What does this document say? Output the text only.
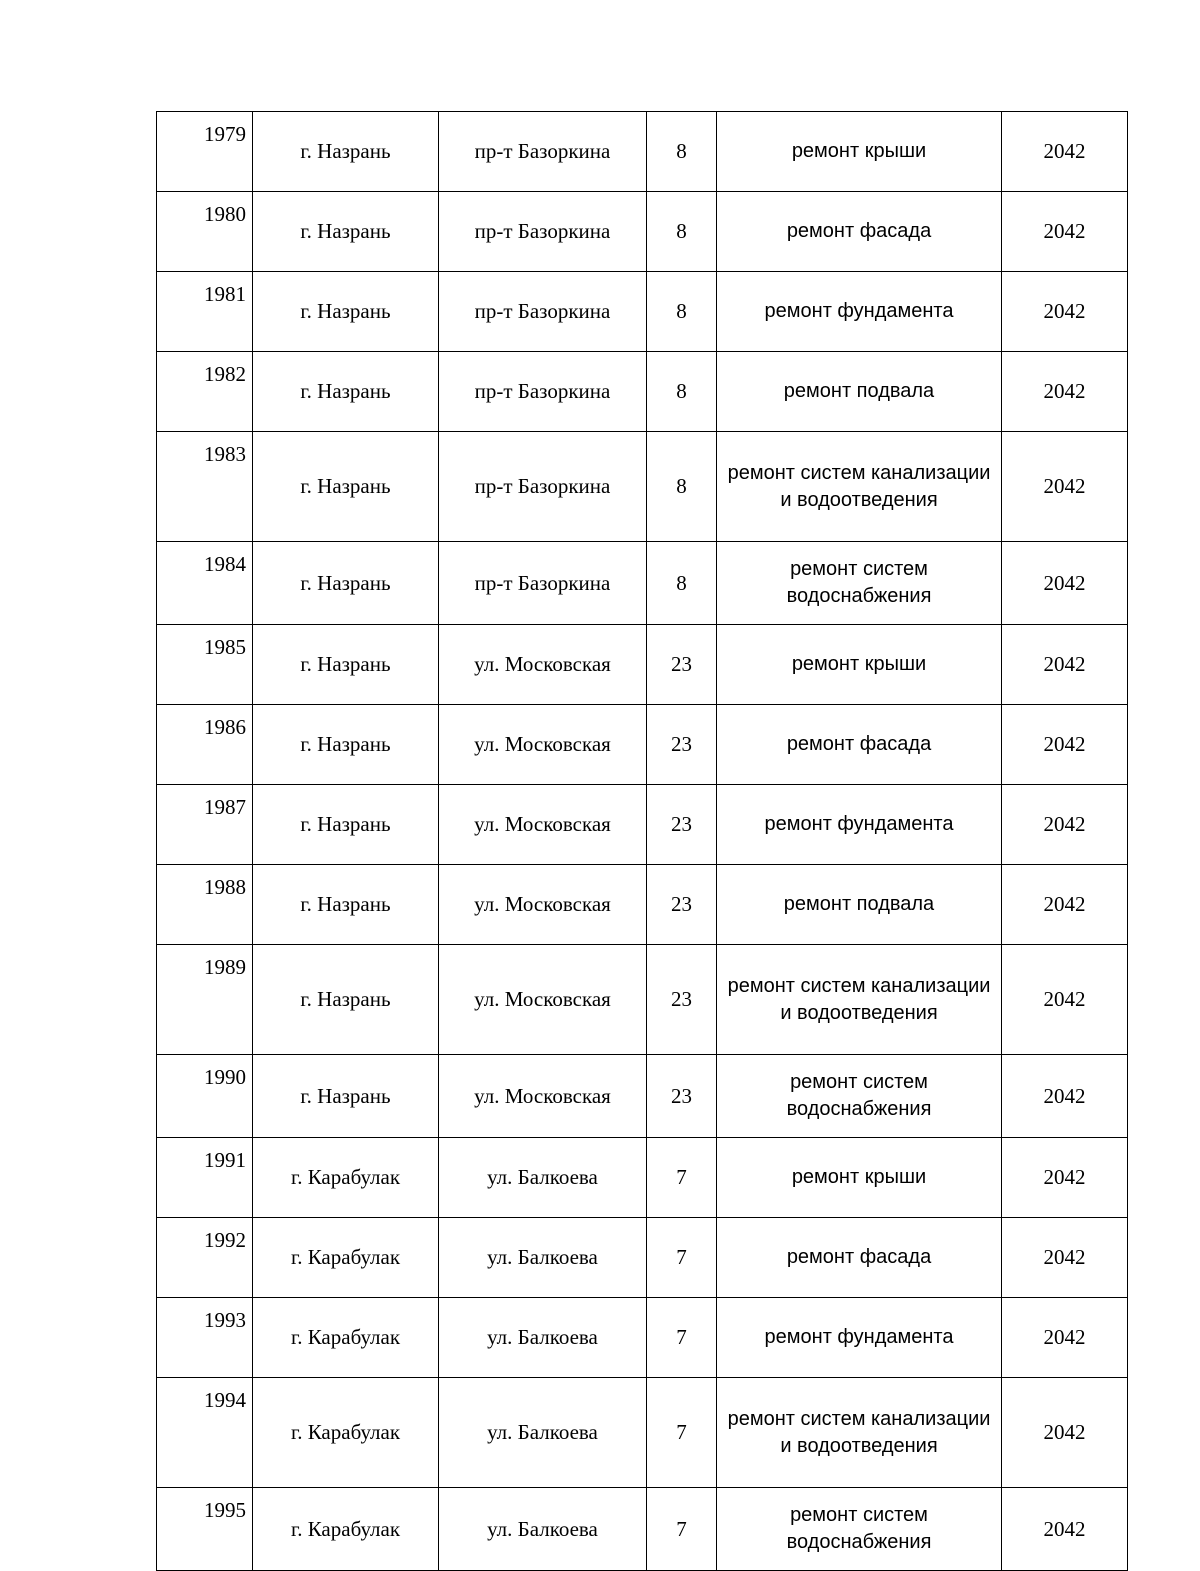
1979	г. Назрань	пр-т Базоркина	8	ремонт крыши	2042
1980	г. Назрань	пр-т Базоркина	8	ремонт фасада	2042
1981	г. Назрань	пр-т Базоркина	8	ремонт фундамента	2042
1982	г. Назрань	пр-т Базоркина	8	ремонт подвала	2042
1983	г. Назрань	пр-т Базоркина	8	ремонт систем канализации и водоотведения	2042
1984	г. Назрань	пр-т Базоркина	8	ремонт систем водоснабжения	2042
1985	г. Назрань	ул. Московская	23	ремонт крыши	2042
1986	г. Назрань	ул. Московская	23	ремонт фасада	2042
1987	г. Назрань	ул. Московская	23	ремонт фундамента	2042
1988	г. Назрань	ул. Московская	23	ремонт подвала	2042
1989	г. Назрань	ул. Московская	23	ремонт систем канализации и водоотведения	2042
1990	г. Назрань	ул. Московская	23	ремонт систем водоснабжения	2042
1991	г. Карабулак	ул. Балкоева	7	ремонт крыши	2042
1992	г. Карабулак	ул. Балкоева	7	ремонт фасада	2042
1993	г. Карабулак	ул. Балкоева	7	ремонт фундамента	2042
1994	г. Карабулак	ул. Балкоева	7	ремонт систем канализации и водоотведения	2042
1995	г. Карабулак	ул. Балкоева	7	ремонт систем водоснабжения	2042
